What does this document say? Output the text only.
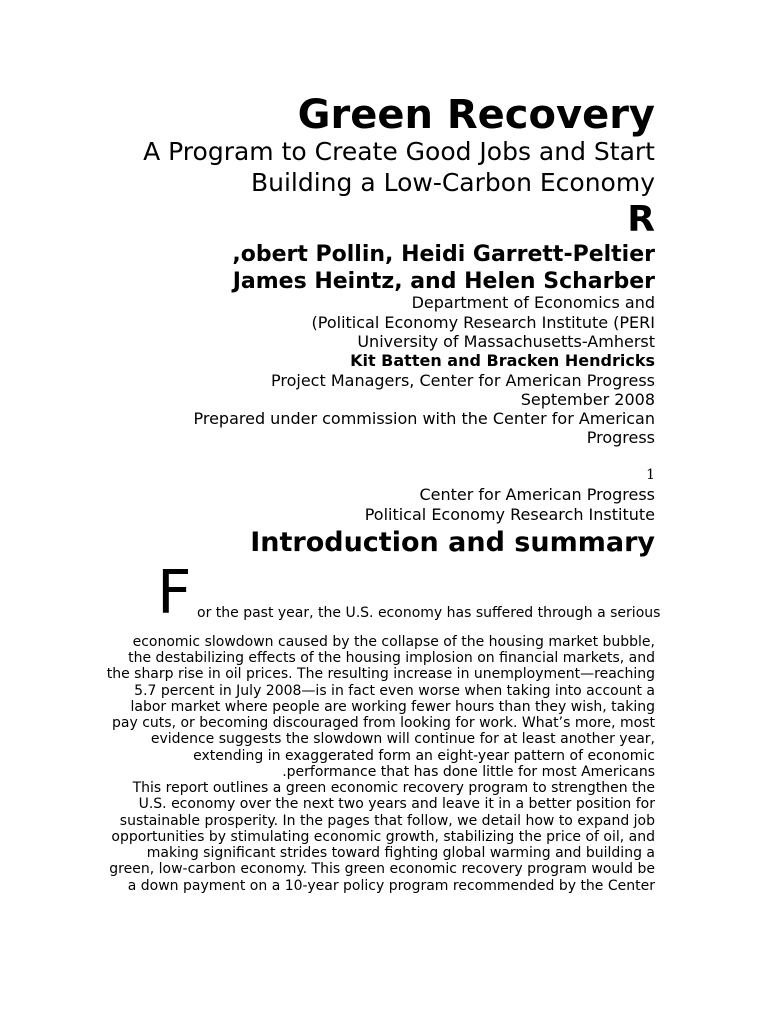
Green Recovery
A Program to Create Good Jobs and Start
Building a Low-Carbon Economy
R
,obert Pollin, Heidi Garrett-Peltier
James Heintz, and Helen Scharber
Department of Economics and
(Political Economy Research Institute (PERI
University of Massachusetts-Amherst
Kit Batten and Bracken Hendricks
Project Managers, Center for American Progress
September 2008
Prepared under commission with the Center for American
Progress
1
Center for American Progress
Political Economy Research Institute
Introduction and summary
F or the past year, the U.S. economy has suffered through a serious
economic slowdown caused by the collapse of the housing market bubble,
the destabilizing effects of the housing implosion on financial markets, and
the sharp rise in oil prices. The resulting increase in unemployment—reaching
5.7 percent in July 2008—is in fact even worse when taking into account a
labor market where people are working fewer hours than they wish, taking
pay cuts, or becoming discouraged from looking for work. What’s more, most
evidence suggests the slowdown will continue for at least another year,
extending in exaggerated form an eight-year pattern of economic
.performance that has done little for most Americans
This report outlines a green economic recovery program to strengthen the
U.S. economy over the next two years and leave it in a better position for
sustainable prosperity. In the pages that follow, we detail how to expand job
opportunities by stimulating economic growth, stabilizing the price of oil, and
making significant strides toward fighting global warming and building a
green, low-carbon economy. This green economic recovery program would be
a down payment on a 10-year policy program recommended by the Center
